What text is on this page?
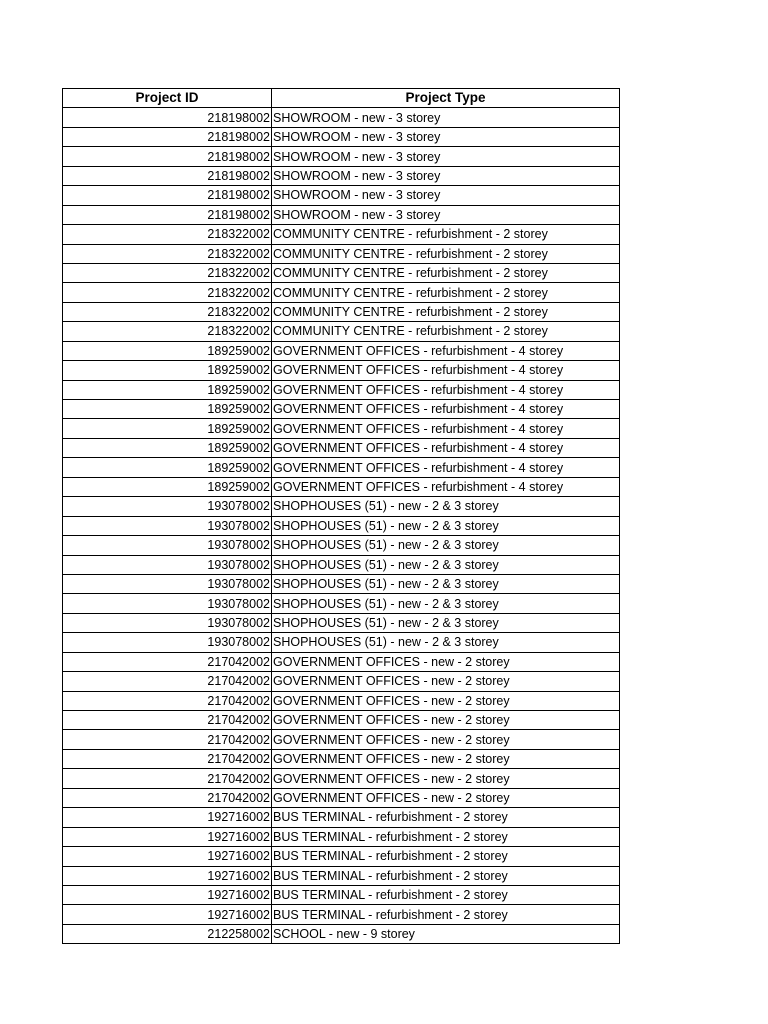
Project ID	Project Type
218198002	SHOWROOM - new - 3 storey
218198002	SHOWROOM - new - 3 storey
218198002	SHOWROOM - new - 3 storey
218198002	SHOWROOM - new - 3 storey
218198002	SHOWROOM - new - 3 storey
218198002	SHOWROOM - new - 3 storey
218322002	COMMUNITY CENTRE - refurbishment - 2 storey
218322002	COMMUNITY CENTRE - refurbishment - 2 storey
218322002	COMMUNITY CENTRE - refurbishment - 2 storey
218322002	COMMUNITY CENTRE - refurbishment - 2 storey
218322002	COMMUNITY CENTRE - refurbishment - 2 storey
218322002	COMMUNITY CENTRE - refurbishment - 2 storey
189259002	GOVERNMENT OFFICES - refurbishment - 4 storey
189259002	GOVERNMENT OFFICES - refurbishment - 4 storey
189259002	GOVERNMENT OFFICES - refurbishment - 4 storey
189259002	GOVERNMENT OFFICES - refurbishment - 4 storey
189259002	GOVERNMENT OFFICES - refurbishment - 4 storey
189259002	GOVERNMENT OFFICES - refurbishment - 4 storey
189259002	GOVERNMENT OFFICES - refurbishment - 4 storey
189259002	GOVERNMENT OFFICES - refurbishment - 4 storey
193078002	SHOPHOUSES (51) - new - 2 & 3 storey
193078002	SHOPHOUSES (51) - new - 2 & 3 storey
193078002	SHOPHOUSES (51) - new - 2 & 3 storey
193078002	SHOPHOUSES (51) - new - 2 & 3 storey
193078002	SHOPHOUSES (51) - new - 2 & 3 storey
193078002	SHOPHOUSES (51) - new - 2 & 3 storey
193078002	SHOPHOUSES (51) - new - 2 & 3 storey
193078002	SHOPHOUSES (51) - new - 2 & 3 storey
217042002	GOVERNMENT OFFICES - new - 2 storey
217042002	GOVERNMENT OFFICES - new - 2 storey
217042002	GOVERNMENT OFFICES - new - 2 storey
217042002	GOVERNMENT OFFICES - new - 2 storey
217042002	GOVERNMENT OFFICES - new - 2 storey
217042002	GOVERNMENT OFFICES - new - 2 storey
217042002	GOVERNMENT OFFICES - new - 2 storey
217042002	GOVERNMENT OFFICES - new - 2 storey
192716002	BUS TERMINAL - refurbishment - 2 storey
192716002	BUS TERMINAL - refurbishment - 2 storey
192716002	BUS TERMINAL - refurbishment - 2 storey
192716002	BUS TERMINAL - refurbishment - 2 storey
192716002	BUS TERMINAL - refurbishment - 2 storey
192716002	BUS TERMINAL - refurbishment - 2 storey
212258002	SCHOOL - new - 9 storey
